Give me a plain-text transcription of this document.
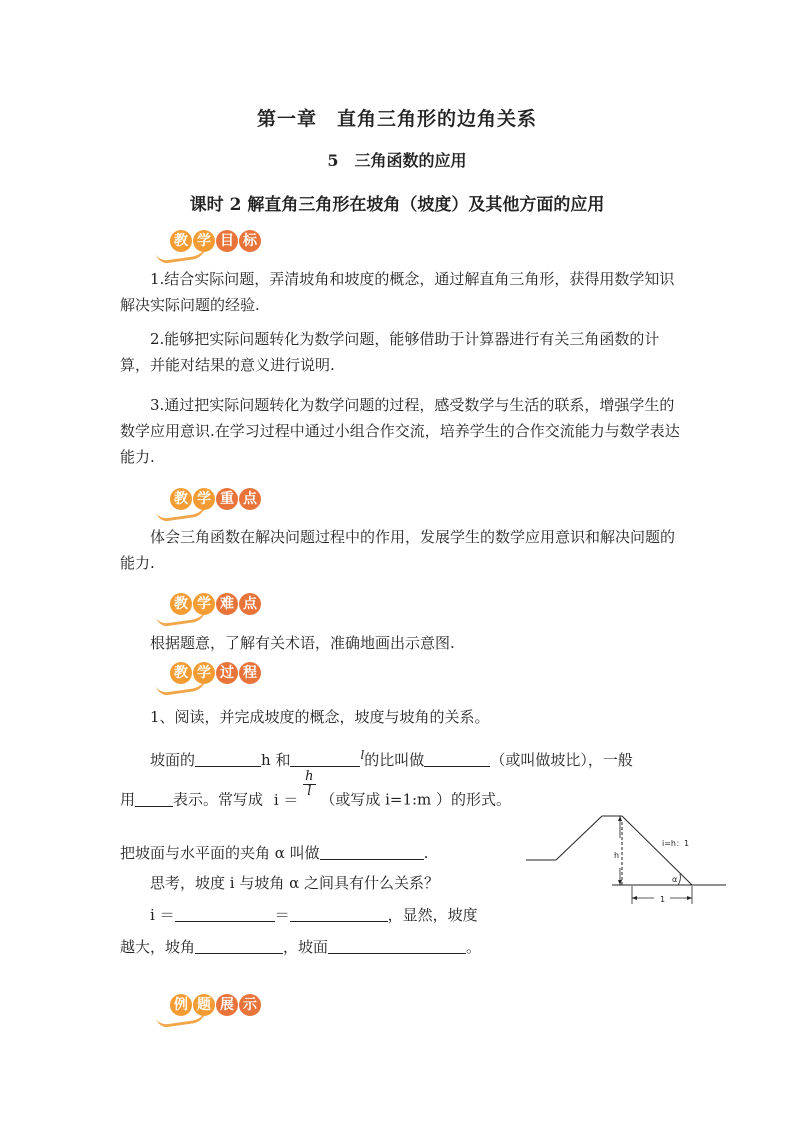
第一章　直角三角形的边角关系
5　三角函数的应用
课时 2 解直角三角形在坡角（坡度）及其他方面的应用
教 学 目 标
1.结合实际问题，弄清坡角和坡度的概念，通过解直角三角形，获得用数学知识解决实际问题的经验.
2.能够把实际问题转化为数学问题，能够借助于计算器进行有关三角函数的计算，并能对结果的意义进行说明.
3.通过把实际问题转化为数学问题的过程，感受数学与生活的联系，增强学生的数学应用意识.在学习过程中通过小组合作交流，培养学生的合作交流能力与数学表达能力.
教 学 重 点
体会三角函数在解决问题过程中的作用，发展学生的数学应用意识和解决问题的能力.
教 学 难 点
根据题意，了解有关术语，准确地画出示意图.
教 学 过 程
1、阅读，并完成坡度的概念，坡度与坡角的关系。
坡面的	h 和	$^l$的比叫做	（或叫做坡比），一般
用	表示。常写成 i ＝
$\frac{h}{l}$
（或写成 i=1:m ）的形式。
把坡面与水平面的夹角 α 叫做	.
思考，坡度 i 与坡角 α 之间具有什么关系？
i ＝	＝	，显然，坡度
越大，坡角	，坡面	。
i=h：1
h
1
α
例 题 展 示
